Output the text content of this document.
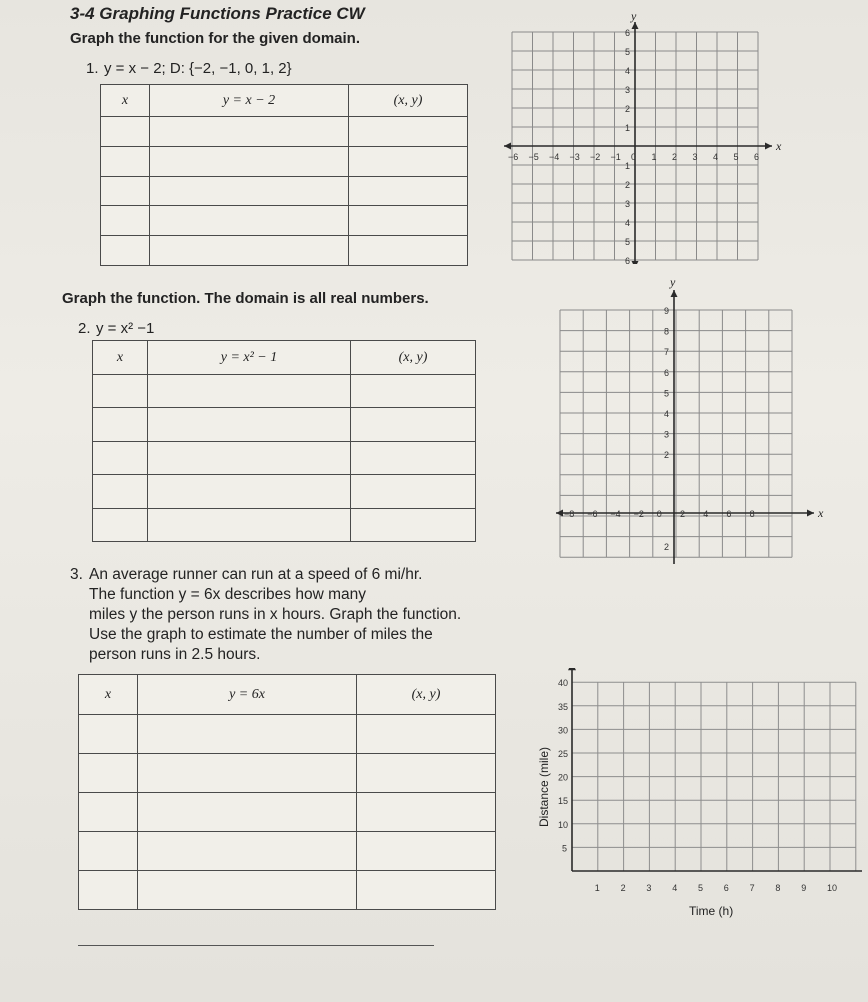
3-4 Graphing Functions Practice CW
Graph the function for the given domain.
1. y = x − 2; D: {−2, −1, 0, 1, 2}
x	y = x − 2	(x, y)

x
y
−6 −5 −4 −3 −2 −1 0 1 2 3 4 5 6
6
5
4
3
2
1
1
2
3
4
5
6
Graph the function. The domain is all real numbers.
2. y = x² −1
x	y = x² − 1	(x, y)

x
y
−8 −6 −4 −2 0 2 4 6 8
9
8
7
6
5
4
3
2
2
3. An average runner can run at a speed of 6 mi/hr.
The function y = 6x describes how many
miles y the person runs in x hours. Graph the function.
Use the graph to estimate the number of miles the
person runs in 2.5 hours.
x	y = 6x	(x, y)

1 2 3 4 5 6 7 8 9 10
40
35
30
25
20
15
10
5
Time (h)
Distance (mile)
